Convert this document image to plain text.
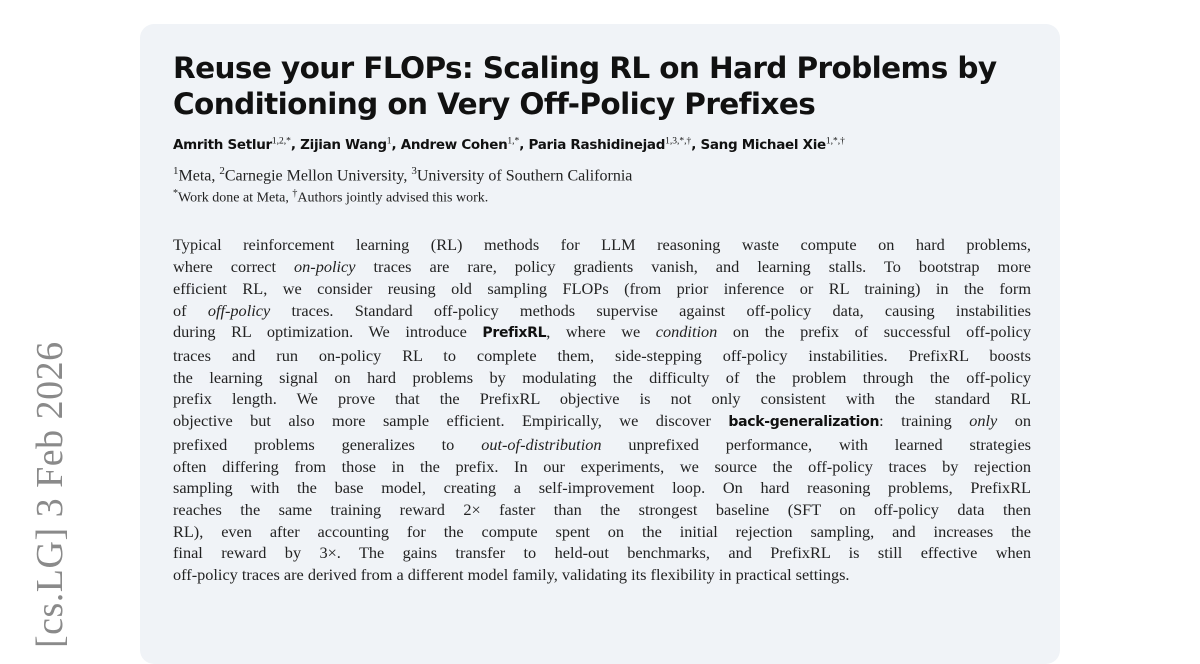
[cs.LG] 3 Feb 2026
Reuse your FLOPs: Scaling RL on Hard Problems by
Conditioning on Very Off-Policy Prefixes
Amrith Setlur$^{1,2,*}$, Zijian Wang$^1$, Andrew Cohen$^{1,*}$, Paria Rashidinejad$^{1,3,*,\dagger}$, Sang Michael Xie$^{1,*,\dagger}$
$^1$Meta, $^2$Carnegie Mellon University, $^3$University of Southern California
*Work done at Meta, †Authors jointly advised this work.
Typical reinforcement learning (RL) methods for LLM reasoning waste compute on hard problems,
where correct on-policy traces are rare, policy gradients vanish, and learning stalls. To bootstrap more
efficient RL, we consider reusing old sampling FLOPs (from prior inference or RL training) in the form
of off-policy traces. Standard off-policy methods supervise against off-policy data, causing instabilities
during RL optimization. We introduce PrefixRL, where we condition on the prefix of successful off-policy
traces and run on-policy RL to complete them, side-stepping off-policy instabilities. PrefixRL boosts
the learning signal on hard problems by modulating the difficulty of the problem through the off-policy
prefix length. We prove that the PrefixRL objective is not only consistent with the standard RL
objective but also more sample efficient. Empirically, we discover back-generalization: training only on
prefixed problems generalizes to out-of-distribution unprefixed performance, with learned strategies
often differing from those in the prefix. In our experiments, we source the off-policy traces by rejection
sampling with the base model, creating a self-improvement loop. On hard reasoning problems, PrefixRL
reaches the same training reward 2× faster than the strongest baseline (SFT on off-policy data then
RL), even after accounting for the compute spent on the initial rejection sampling, and increases the
final reward by 3×. The gains transfer to held-out benchmarks, and PrefixRL is still effective when
off-policy traces are derived from a different model family, validating its flexibility in practical settings.
